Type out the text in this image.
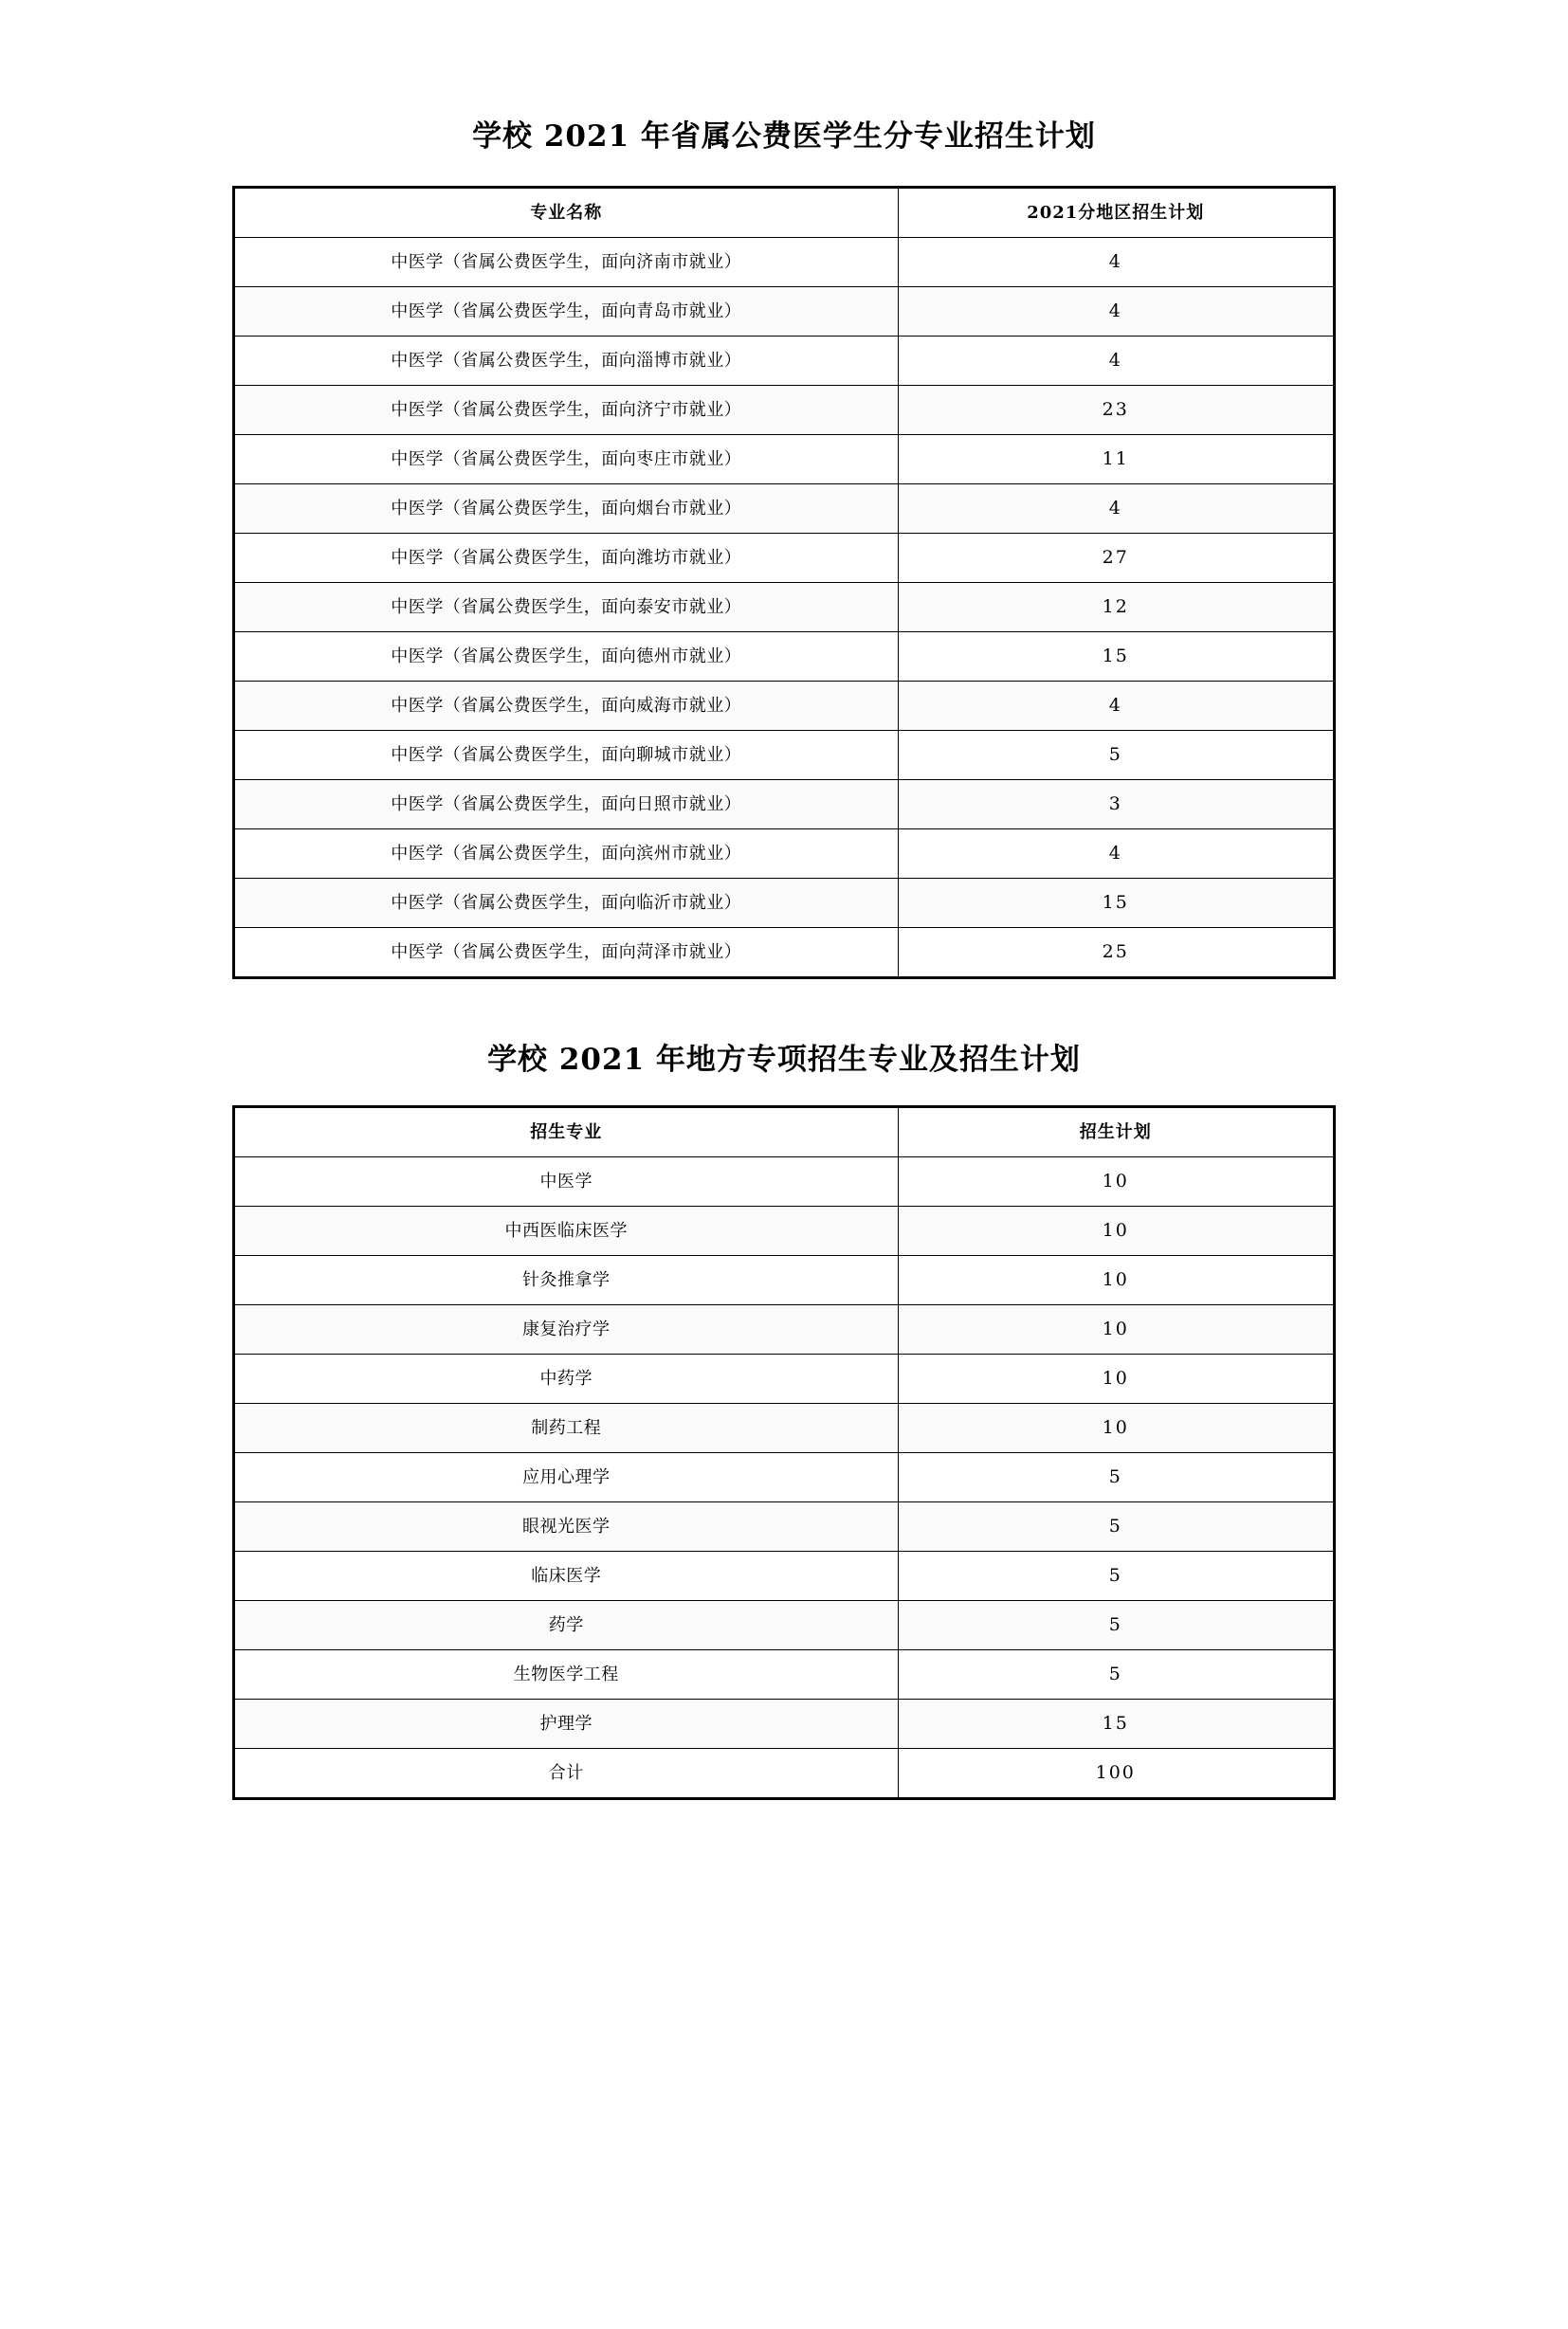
学校 2021 年省属公费医学生分专业招生计划
专业名称	2021分地区招生计划
中医学（省属公费医学生，面向济南市就业）	4
中医学（省属公费医学生，面向青岛市就业）	4
中医学（省属公费医学生，面向淄博市就业）	4
中医学（省属公费医学生，面向济宁市就业）	23
中医学（省属公费医学生，面向枣庄市就业）	11
中医学（省属公费医学生，面向烟台市就业）	4
中医学（省属公费医学生，面向潍坊市就业）	27
中医学（省属公费医学生，面向泰安市就业）	12
中医学（省属公费医学生，面向德州市就业）	15
中医学（省属公费医学生，面向威海市就业）	4
中医学（省属公费医学生，面向聊城市就业）	5
中医学（省属公费医学生，面向日照市就业）	3
中医学（省属公费医学生，面向滨州市就业）	4
中医学（省属公费医学生，面向临沂市就业）	15
中医学（省属公费医学生，面向菏泽市就业）	25
学校 2021 年地方专项招生专业及招生计划
招生专业	招生计划
中医学	10
中西医临床医学	10
针灸推拿学	10
康复治疗学	10
中药学	10
制药工程	10
应用心理学	5
眼视光医学	5
临床医学	5
药学	5
生物医学工程	5
护理学	15
合计	100
